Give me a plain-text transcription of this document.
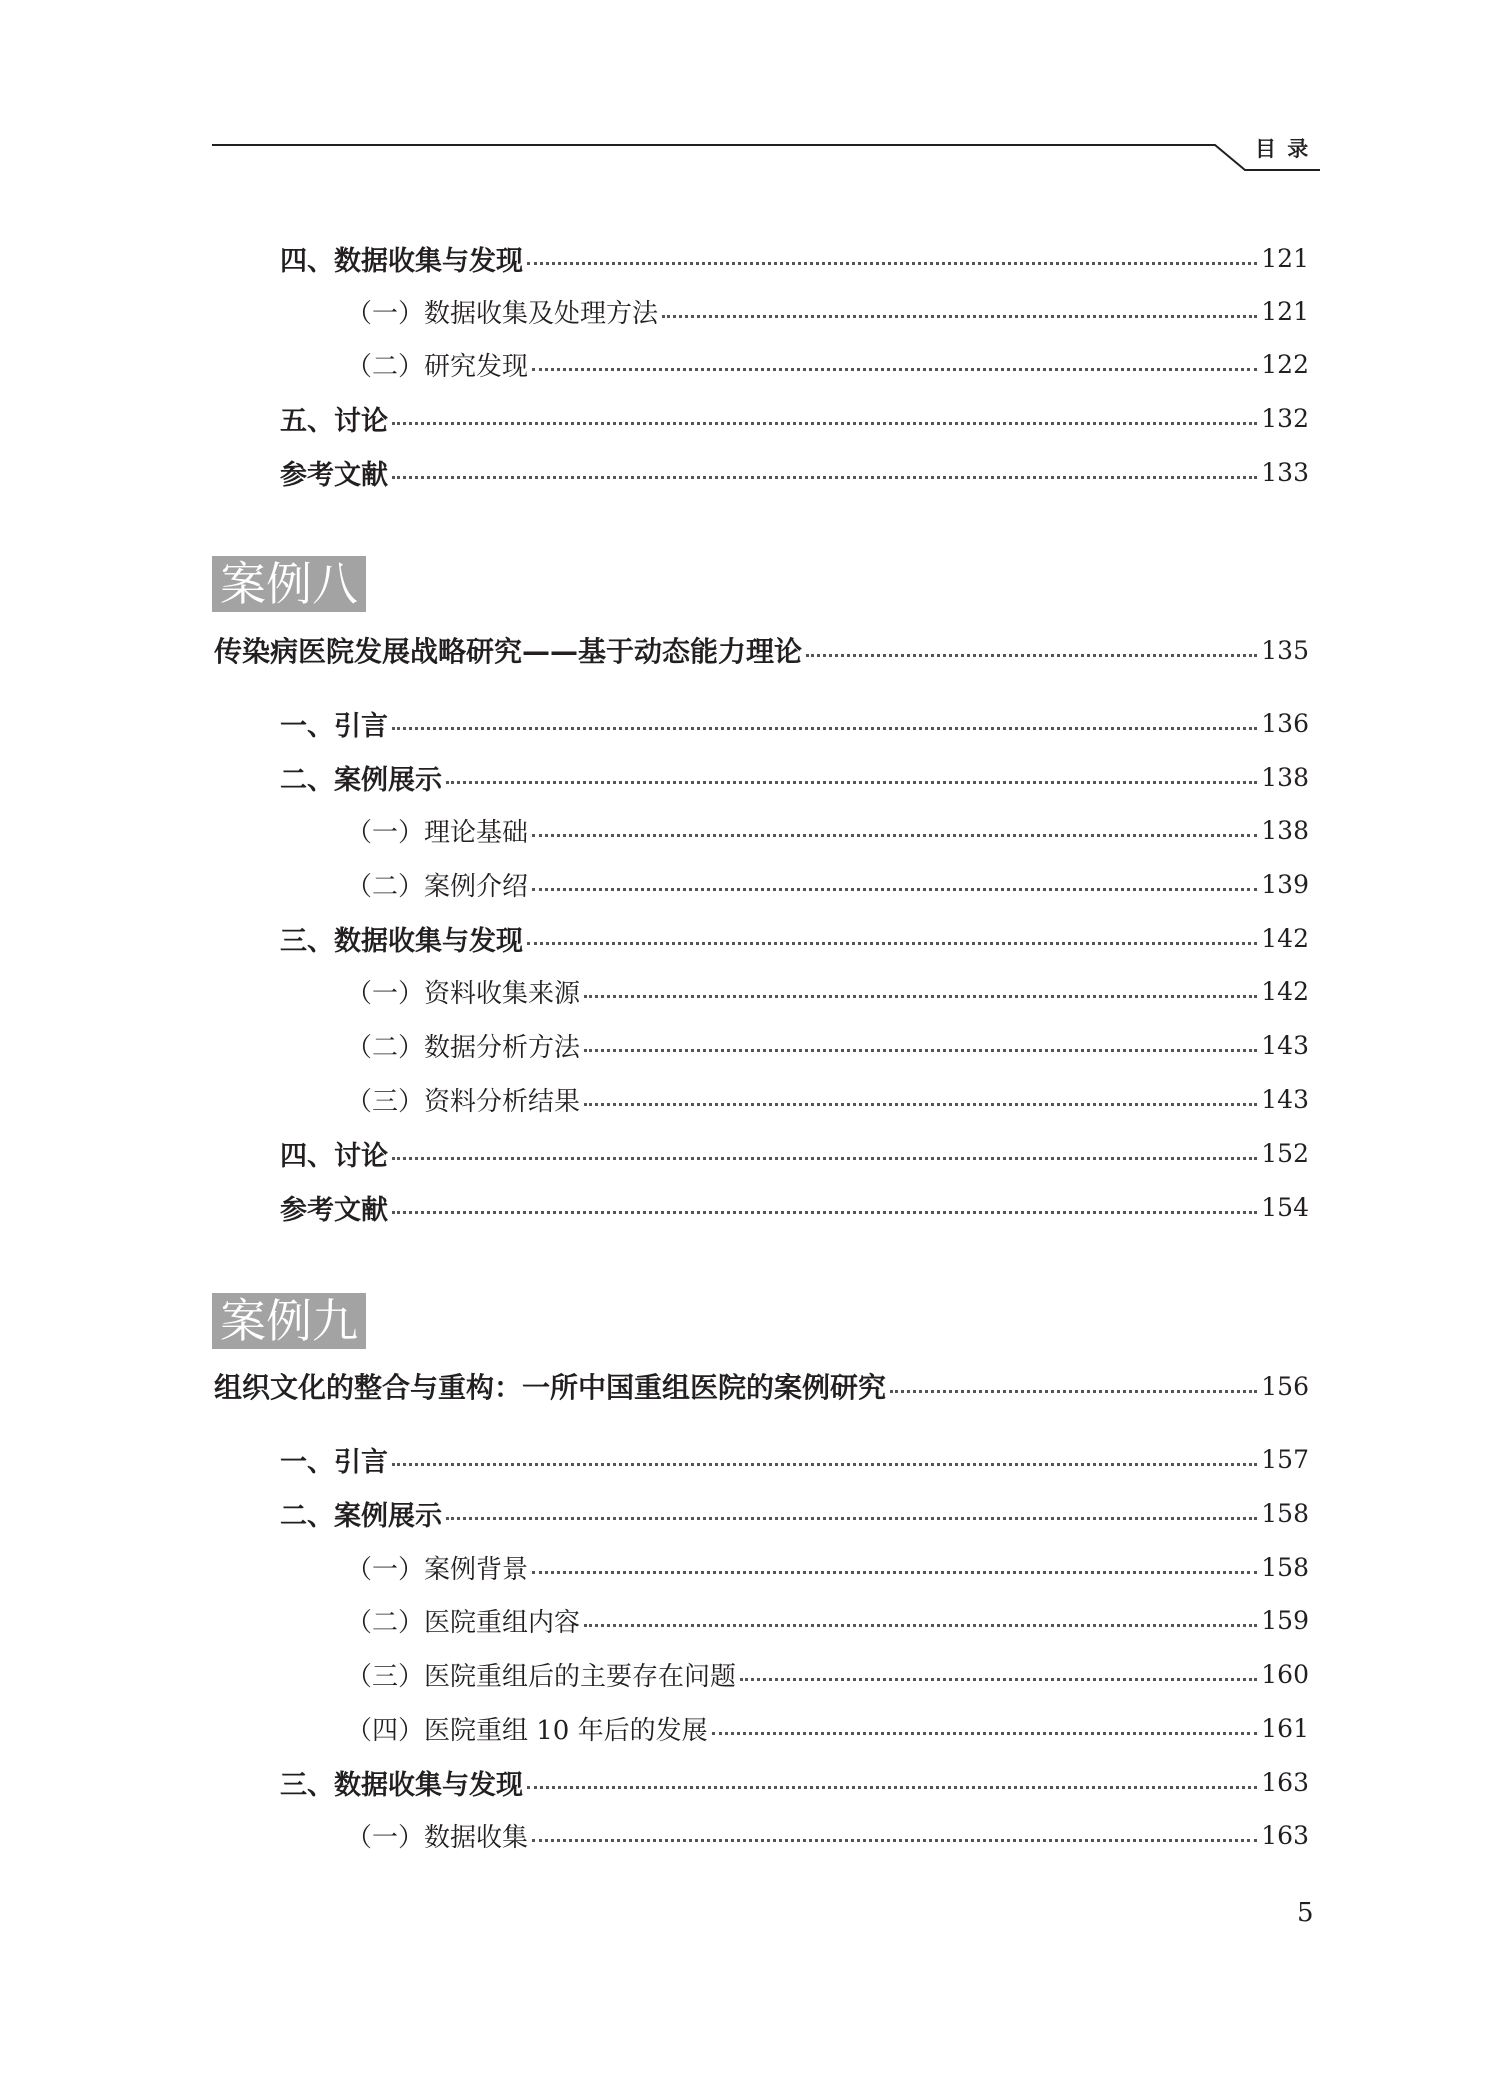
目 录
四、数据收集与发现	121
（一）数据收集及处理方法	121
（二）研究发现	122
五、讨论	132
参考文献	133
案例八
传染病医院发展战略研究——基于动态能力理论	135
一、引言	136
二、案例展示	138
（一）理论基础	138
（二）案例介绍	139
三、数据收集与发现	142
（一）资料收集来源	142
（二）数据分析方法	143
（三）资料分析结果	143
四、讨论	152
参考文献	154
案例九
组织文化的整合与重构：一所中国重组医院的案例研究	156
一、引言	157
二、案例展示	158
（一）案例背景	158
（二）医院重组内容	159
（三）医院重组后的主要存在问题	160
（四）医院重组 10 年后的发展	161
三、数据收集与发现	163
（一）数据收集	163
5
